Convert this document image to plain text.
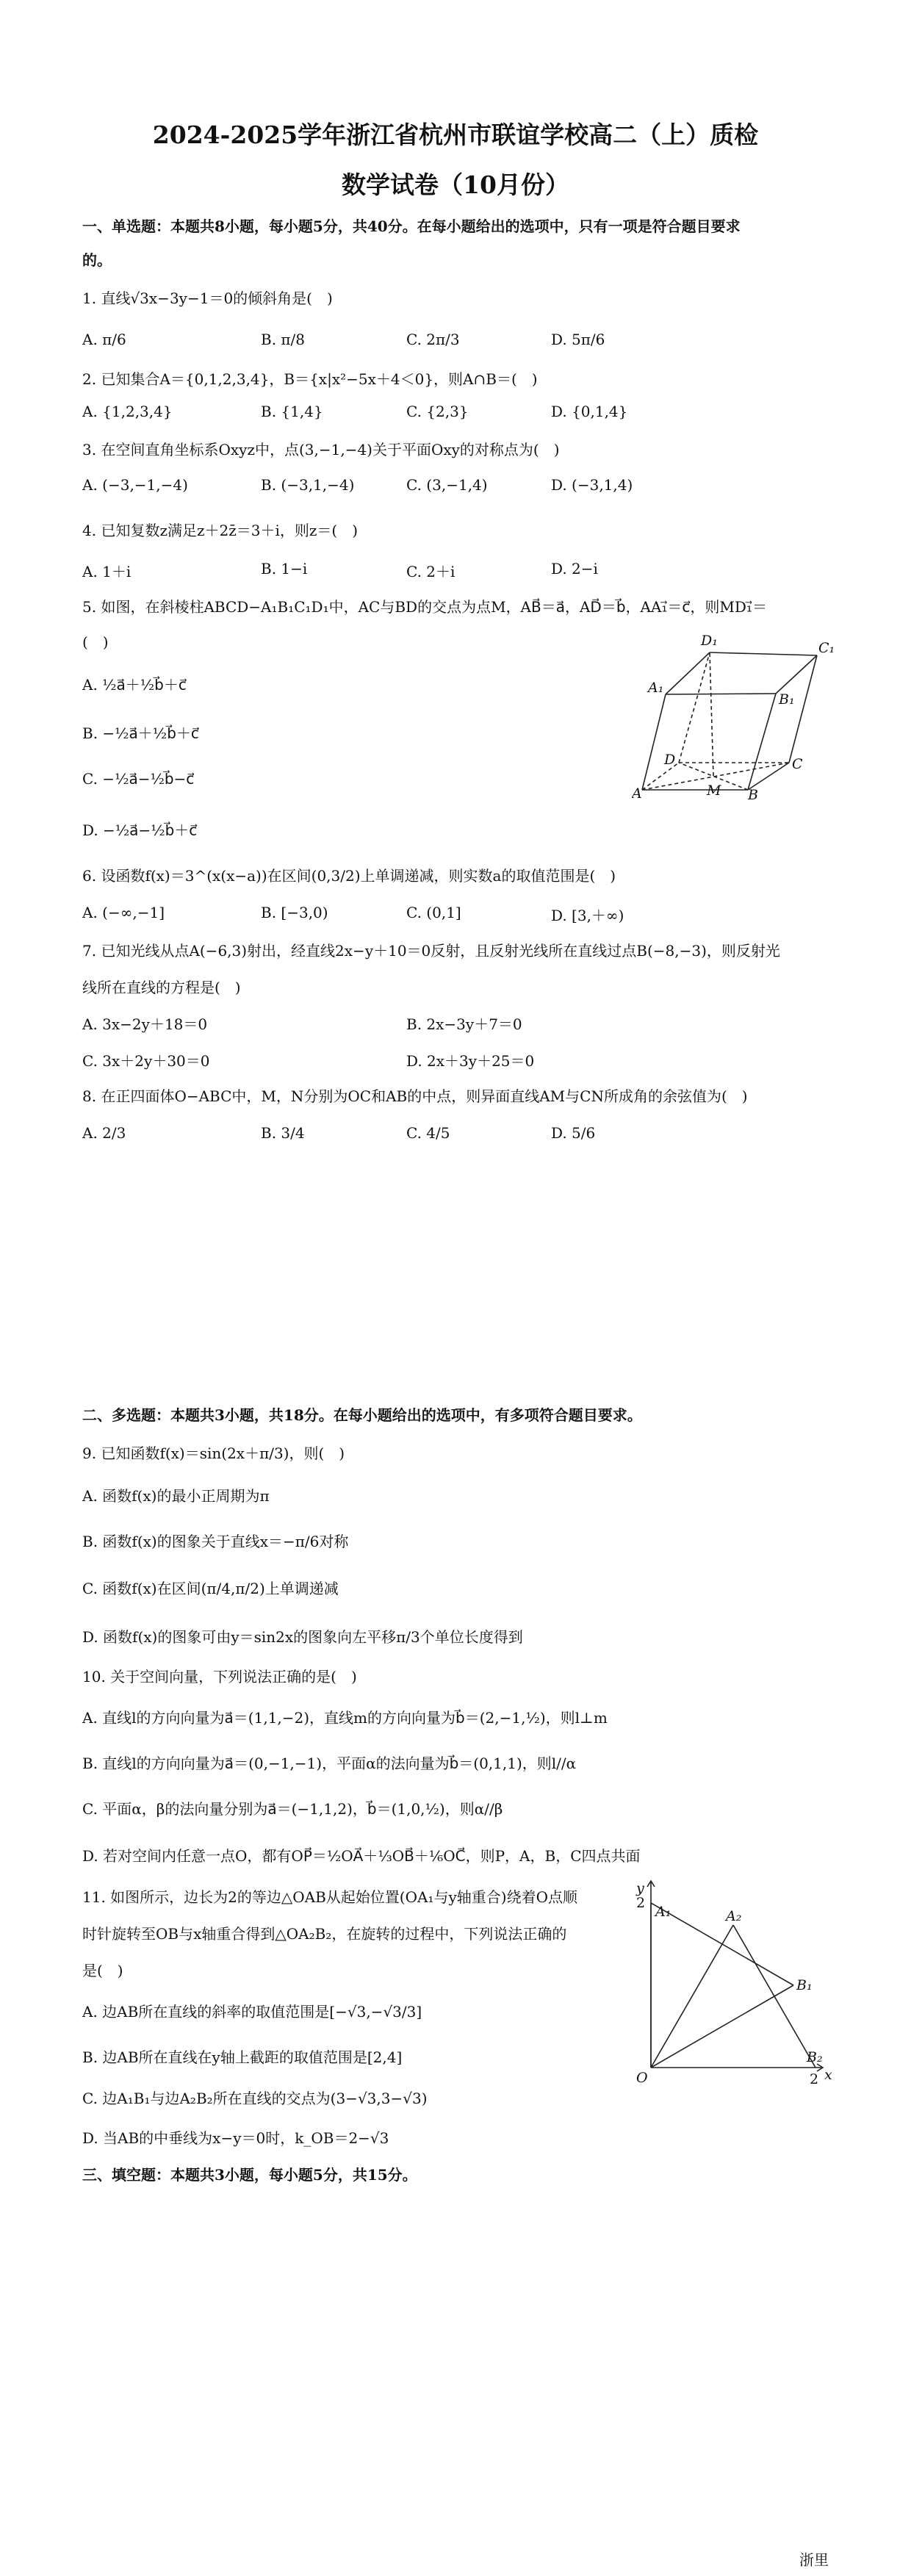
2024-2025学年浙江省杭州市联谊学校高二（上）质检
数学试卷（10月份）
一、单选题：本题共8小题，每小题5分，共40分。在每小题给出的选项中，只有一项是符合题目要求
的。
1. 直线√3x−3y−1＝0的倾斜角是(　)
A. π/6	B. π/8	C. 2π/3	D. 5π/6
2. 已知集合A＝{0,1,2,3,4}，B＝{x|x²−5x＋4＜0}，则A∩B＝(　)
A. {1,2,3,4}	B. {1,4}	C. {2,3}	D. {0,1,4}
3. 在空间直角坐标系Oxyz中，点(3,−1,−4)关于平面Oxy的对称点为(　)
A. (−3,−1,−4)	B. (−3,1,−4)	C. (3,−1,4)	D. (−3,1,4)
4. 已知复数z满足z＋2z̄＝3＋i，则z＝(　)
A. 1＋i	B. 1−i	C. 2＋i	D. 2−i
5. 如图，在斜棱柱ABCD−A₁B₁C₁D₁中，AC与BD的交点为点M，AB⃗＝a⃗，AD⃗＝b⃗，AA₁⃗＝c⃗，则MD₁⃗＝
(　)
A. ½a⃗＋½b⃗＋c⃗
B. −½a⃗＋½b⃗＋c⃗
C. −½a⃗−½b⃗−c⃗
D. −½a⃗−½b⃗＋c⃗
A	B
C
D
M
A₁
B₁
C₁
D₁
6. 设函数f(x)＝3^(x(x−a))在区间(0,3/2)上单调递减，则实数a的取值范围是(　)
A. (−∞,−1]	B. [−3,0)	C. (0,1]	D. [3,＋∞)
7. 已知光线从点A(−6,3)射出，经直线2x−y＋10＝0反射，且反射光线所在直线过点B(−8,−3)，则反射光
线所在直线的方程是(　)
A. 3x−2y＋18＝0	B. 2x−3y＋7＝0
C. 3x＋2y＋30＝0	D. 2x＋3y＋25＝0
8. 在正四面体O−ABC中，M，N分别为OC和AB的中点，则异面直线AM与CN所成角的余弦值为(　)
A. 2/3	B. 3/4	C. 4/5	D. 5/6
二、多选题：本题共3小题，共18分。在每小题给出的选项中，有多项符合题目要求。
9. 已知函数f(x)＝sin(2x＋π/3)，则(　)
A. 函数f(x)的最小正周期为π
B. 函数f(x)的图象关于直线x＝−π/6对称
C. 函数f(x)在区间(π/4,π/2)上单调递减
D. 函数f(x)的图象可由y＝sin2x的图象向左平移π/3个单位长度得到
10. 关于空间向量，下列说法正确的是(　)
A. 直线l的方向向量为a⃗＝(1,1,−2)，直线m的方向向量为b⃗＝(2,−1,½)，则l⊥m
B. 直线l的方向向量为a⃗＝(0,−1,−1)，平面α的法向量为b⃗＝(0,1,1)，则l//α
C. 平面α，β的法向量分别为a⃗＝(−1,1,2)，b⃗＝(1,0,½)，则α//β
D. 若对空间内任意一点O，都有OP⃗＝½OA⃗＋⅓OB⃗＋⅙OC⃗，则P，A，B，C四点共面
11. 如图所示，边长为2的等边△OAB从起始位置(OA₁与y轴重合)绕着O点顺
时针旋转至OB与x轴重合得到△OA₂B₂，在旋转的过程中，下列说法正确的
是(　)
A. 边AB所在直线的斜率的取值范围是[−√3,−√3/3]
B. 边AB所在直线在y轴上截距的取值范围是[2,4]
C. 边A₁B₁与边A₂B₂所在直线的交点为(3−√3,3−√3)
D. 当AB的中垂线为x−y＝0时，k_OB＝2−√3
y
x
O
2
2
A₁	A₂
B₁
B₂
三、填空题：本题共3小题，每小题5分，共15分。
浙里
